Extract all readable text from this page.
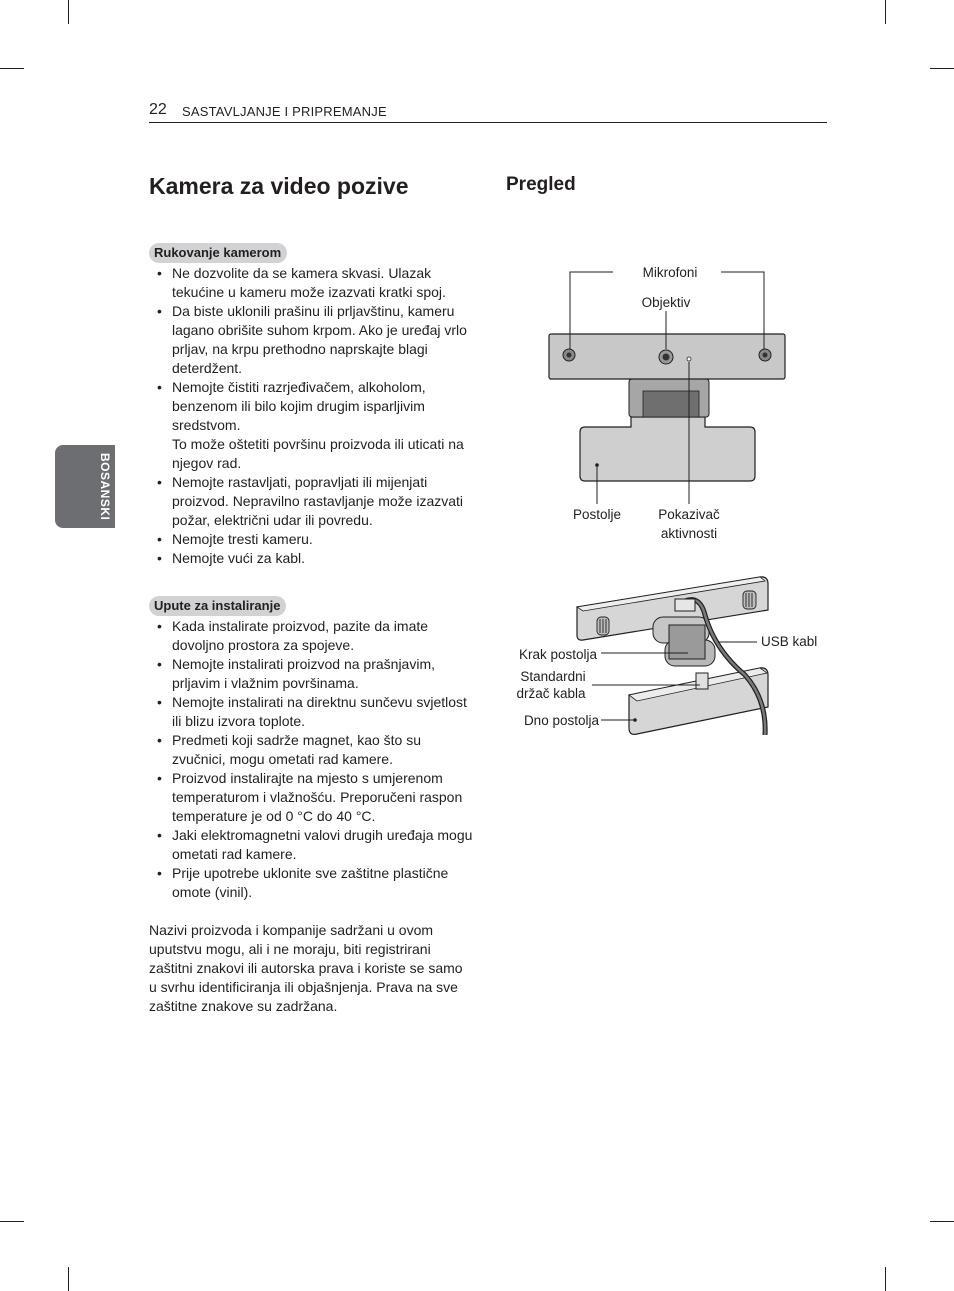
22 SASTAVLJANJE I PRIPREMANJE
BOSANSKI
Kamera za video pozive	Pregled
Rukovanje kamerom
• Ne dozvolite da se kamera skvasi. Ulazak tekućine u kameru može izazvati kratki spoj.
• Da biste uklonili prašinu ili prljavštinu, kameru lagano obrišite suhom krpom. Ako je uređaj vrlo prljav, na krpu prethodno naprskajte blagi deterdžent.
• Nemojte čistiti razrjeđivačem, alkoholom, benzenom ili bilo kojim drugim isparljivim sredstvom.
To može oštetiti površinu proizvoda ili uticati na njegov rad.
• Nemojte rastavljati, popravljati ili mijenjati proizvod. Nepravilno rastavljanje može izazvati požar, električni udar ili povredu.
• Nemojte tresti kameru.
• Nemojte vući za kabl.
Upute za instaliranje
• Kada instalirate proizvod, pazite da imate dovoljno prostora za spojeve.
• Nemojte instalirati proizvod na prašnjavim, prljavim i vlažnim površinama.
• Nemojte instalirati na direktnu sunčevu svjetlost ili blizu izvora toplote.
• Predmeti koji sadrže magnet, kao što su zvučnici, mogu ometati rad kamere.
• Proizvod instalirajte na mjesto s umjerenom temperaturom i vlažnošću. Preporučeni raspon temperature je od 0 °C do 40 °C.
• Jaki elektromagnetni valovi drugih uređaja mogu ometati rad kamere.
• Prije upotrebe uklonite sve zaštitne plastične omote (vinil).

Nazivi proizvoda i kompanije sadržani u ovom uputstvu mogu, ali i ne moraju, biti registrirani zaštitni znakovi ili autorska prava i koriste se samo u svrhu identificiranja ili objašnjenja. Prava na sve zaštitne znakove su zadržana.

Mikrofoni
Objektiv
Postolje	Pokazivač
aktivnosti
USB kabl
Krak postolja
Standardni
držač kabla
Dno postolja
